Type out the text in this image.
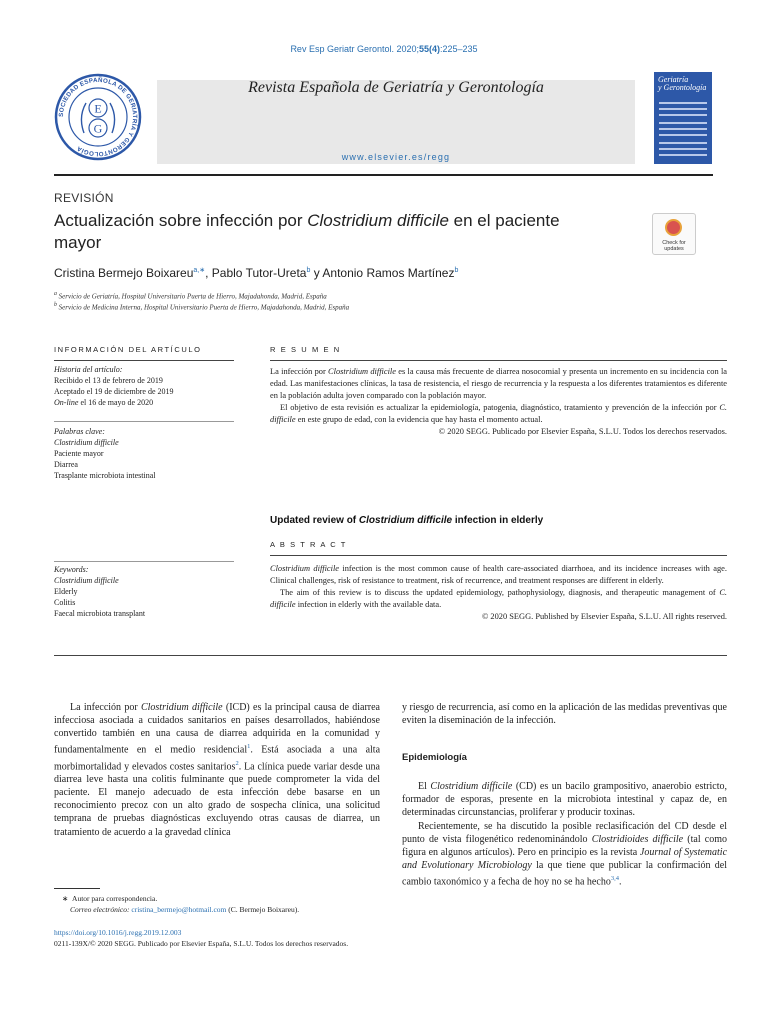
Rev Esp Geriatr Gerontol. 2020;55(4):225–235
SOCIEDAD ESPAÑOLA DE GERIATRÍA Y GERONTOLOGÍA
E
G
Revista Española de Geriatría y Gerontología
www.elsevier.es/regg
Geriatría
y Gerontología
REVISIÓN
Actualización sobre infección por Clostridium difficile en el paciente
mayor	Check for updates
Cristina Bermejo Boixareu$^{a,∗}$, Pablo Tutor-Ureta$^b$ y Antonio Ramos Martínez$^b$
$^a$ Servicio de Geriatría, Hospital Universitario Puerta de Hierro, Majadahonda, Madrid, España
$^b$ Servicio de Medicina Interna, Hospital Universitario Puerta de Hierro, Majadahonda, Madrid, España
INFORMACIÓN DEL ARTÍCULO
Historia del artículo:
Recibido el 13 de febrero de 2019
Aceptado el 19 de diciembre de 2019
On-line el 16 de mayo de 2020
Palabras clave:
Clostridium difficile
Paciente mayor
Diarrea
Trasplante microbiota intestinal
Keywords:
Clostridium difficile
Elderly
Colitis
Faecal microbiota transplant
R E S U M E N
La infección por Clostridium difficile es la causa más frecuente de diarrea nosocomial y presenta un incremento en su incidencia con la edad. Las manifestaciones clínicas, la tasa de resistencia, el riesgo de recurrencia y la respuesta a los diferentes tratamientos es diferente en la población adulta joven comparado con la población mayor.
El objetivo de esta revisión es actualizar la epidemiología, patogenia, diagnóstico, tratamiento y prevención de la infección por C. difficile en este grupo de edad, con la evidencia que hay hasta el momento actual.
© 2020 SEGG. Publicado por Elsevier España, S.L.U. Todos los derechos reservados.
Updated review of Clostridium difficile infection in elderly
A B S T R A C T
Clostridium difficile infection is the most common cause of health care-associated diarrhoea, and its incidence increases with age. Clinical challenges, risk of resistance to treatment, risk of recurrence, and treatment responses are different in elderly.
The aim of this review is to discuss the updated epidemiology, pathophysiology, diagnosis, and therapeutic management of C. difficile infection in elderly with the available data.
© 2020 SEGG. Published by Elsevier España, S.L.U. All rights reserved.
La infección por Clostridium difficile (ICD) es la principal causa de diarrea infecciosa asociada a cuidados sanitarios en países desarrollados, habiéndose convertido también en una causa de diarrea adquirida en la comunidad y fundamentalmente en el medio residencial$^1$. Está asociada a una alta morbimortalidad y elevados costes sanitarios$^2$. La clínica puede variar desde una diarrea leve hasta una colitis fulminante que puede comprometer la vida del paciente. El manejo adecuado de esta infección debe basarse en un reconocimiento precoz con un alto grado de sospecha clínica, una solicitud temprana de pruebas diagnósticas excluyendo otras causas de diarrea, un tratamiento de acuerdo a la gravedad clínica
y riesgo de recurrencia, así como en la aplicación de las medidas preventivas que eviten la diseminación de la infección.
Epidemiología
El Clostridium difficile (CD) es un bacilo grampositivo, anaerobio estricto, formador de esporas, presente en la microbiota intestinal y capaz de, en determinadas circunstancias, proliferar y producir toxinas.
Recientemente, se ha discutido la posible reclasificación del CD desde el punto de vista filogenético redenominándolo Clostridioides difficile (tal como figura en algunos artículos). Pero en principio es la revista Journal of Systematic and Evolutionary Microbiology la que tiene que publicar la confirmación del cambio taxonómico y a fecha de hoy no se ha hecho$^{3,4}$.
∗ Autor para correspondencia.
Correo electrónico: cristina_bermejo@hotmail.com (C. Bermejo Boixareu).
https://doi.org/10.1016/j.regg.2019.12.003
0211-139X/© 2020 SEGG. Publicado por Elsevier España, S.L.U. Todos los derechos reservados.
